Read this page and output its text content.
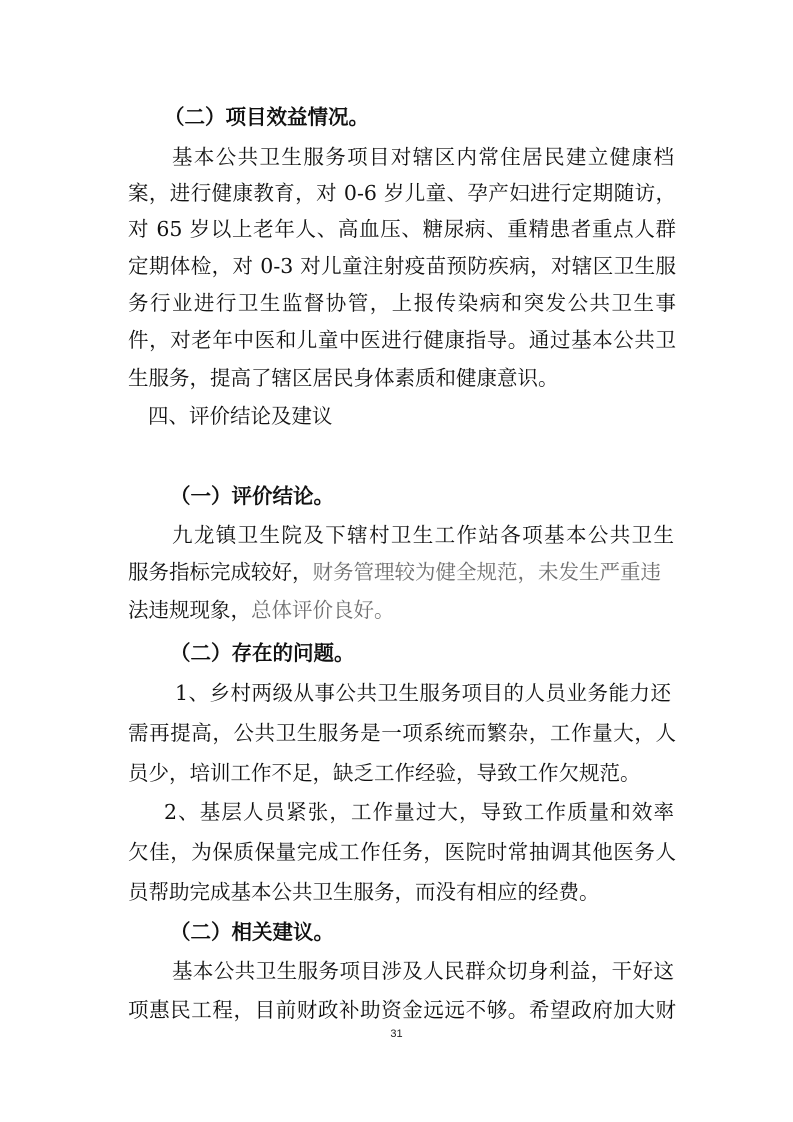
（二）项目效益情况。
基本公共卫生服务项目对辖区内常住居民建立健康档
案，进行健康教育，对 0-6 岁儿童、孕产妇进行定期随访，
对 65 岁以上老年人、高血压、糖尿病、重精患者重点人群
定期体检，对 0-3 对儿童注射疫苗预防疾病，对辖区卫生服
务行业进行卫生监督协管，上报传染病和突发公共卫生事
件，对老年中医和儿童中医进行健康指导。通过基本公共卫
生服务，提高了辖区居民身体素质和健康意识。
四、评价结论及建议
（一）评价结论。
九龙镇卫生院及下辖村卫生工作站各项基本公共卫生
服务指标完成较好，财务管理较为健全规范，未发生严重违
法违规现象，总体评价良好。
（二）存在的问题。
1、乡村两级从事公共卫生服务项目的人员业务能力还
需再提高，公共卫生服务是一项系统而繁杂，工作量大，人
员少，培训工作不足，缺乏工作经验，导致工作欠规范。
2、基层人员紧张，工作量过大，导致工作质量和效率
欠佳，为保质保量完成工作任务，医院时常抽调其他医务人
员帮助完成基本公共卫生服务，而没有相应的经费。
（二）相关建议。
基本公共卫生服务项目涉及人民群众切身利益，干好这
项惠民工程，目前财政补助资金远远不够。希望政府加大财
31
